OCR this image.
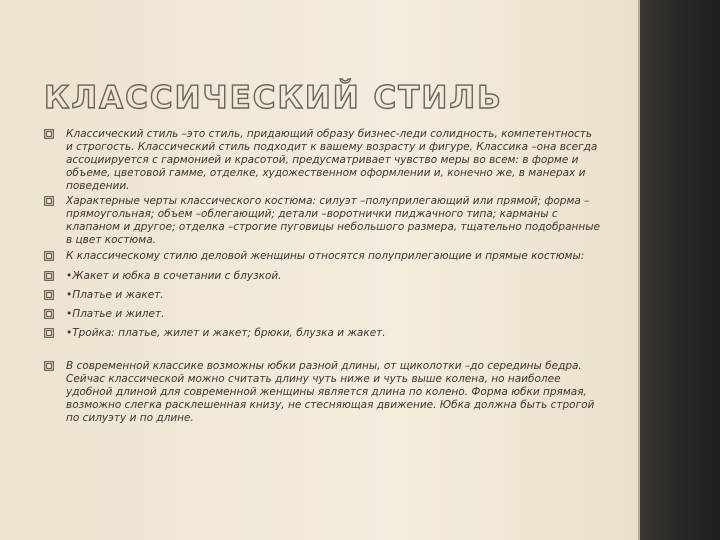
КЛАССИЧЕСКИЙ СТИЛЬ
Классический стиль –это стиль, придающий образу бизнес-леди солидность, компетентность и строгость. Классический стиль подходит к вашему возрасту и фигуре. Классика –она всегда ассоциируется с гармонией и красотой, предусматривает чувство меры во всем: в форме и объеме, цветовой гамме, отделке, художественном оформлении и, конечно же, в манерах и поведении.
Характерные черты классического костюма: силуэт –полуприлегающий или прямой; форма –прямоугольная; объем –облегающий; детали –воротнички пиджачного типа; карманы с клапаном и другое; отделка –строгие пуговицы небольшого размера, тщательно подобранные в цвет костюма.
К классическому стилю деловой женщины относятся полуприлегающие и прямые костюмы:
•Жакет и юбка в сочетании с блузкой.
•Платье и жакет.
•Платье и жилет.
•Тройка: платье, жилет и жакет; брюки, блузка и жакет.
В современной классике возможны юбки разной длины, от щиколотки –до середины бедра. Сейчас классической можно считать длину чуть ниже и чуть выше колена, но наиболее удобной длиной для современной женщины является длина по колено. Форма юбки прямая, возможно слегка расклешенная книзу, не стесняющая движение. Юбка должна быть строгой по силуэту и по длине.
